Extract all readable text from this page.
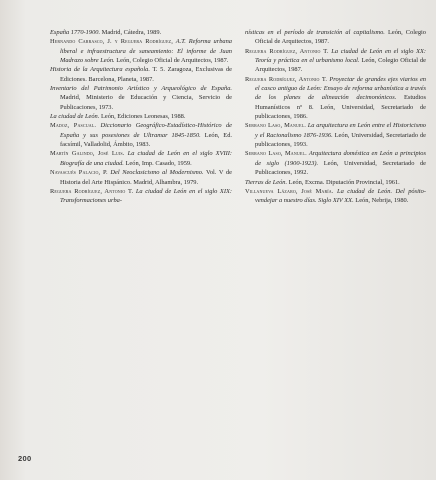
España 1770-1900. Madrid, Cátedra, 1989.

Hernando Carrasco, J. y Reguera Rodríguez, A.T. Reforma urbana liberal e infraestructura de saneamiento: El informe de Juan Madrazo sobre León. León, Colegio Oficial de Arquitectos, 1987.

Historia de la Arquitectura española. T. 5. Zaragoza, Exclusivas de Ediciones. Barcelona, Planeta, 1987.

Inventario del Patrimonio Artístico y Arqueológico de España. Madrid, Ministerio de Educación y Ciencia, Servicio de Publicaciones, 1973.

La ciudad de León. León, Ediciones Leonesas, 1988.

Madoz, Pascual. Diccionario Geográfico-Estadístico-Histórico de España y sus posesiones de Ultramar 1845-1850. León, Ed. facsímil, Valladolid, Ámbito, 1983.

Martín Galindo, José Luis. La ciudad de León en el siglo XVIII: Biografía de una ciudad. León, Imp. Casado, 1959.

Navascués Palacio, P. Del Neoclasicismo al Modernismo. Vol. V de Historia del Arte Hispánico. Madrid, Alhambra, 1979.

Reguera Rodríguez, Antonio T. La ciudad de León en el siglo XIX: Transformaciones urba-

nísticas en el período de transición al capitalismo. León, Colegio Oficial de Arquitectos, 1987.

Reguera Rodríguez, Antonio T. La ciudad de León en el siglo XX: Teoría y práctica en el urbanismo local. León, Colegio Oficial de Arquitectos, 1987.

Reguera Rodríguez, Antonio T. Proyectar de grandes ejes viarios en el casco antiguo de León: Ensayo de reforma urbanística a través de los planes de alineación decimonónicos. Estudios Humanísticos nº 8. León, Universidad, Secretariado de publicaciones, 1986.

Serrano Laso, Manuel. La arquitectura en León entre el Historicismo y el Racionalismo 1876-1936. León, Universidad, Secretariado de publicaciones, 1993.

Serrano Laso, Manuel. Arquitectura doméstica en León a principios de siglo (1900-1923). León, Universidad, Secretariado de Publicaciones, 1992.

Tierras de León. León, Excma. Diputación Provincial, 1961.

Villanueva Lázaro, José María. La ciudad de León. Del pósito-vendejar a nuestro días. Siglo XIV XX. León, Nebrija, 1980.

200
